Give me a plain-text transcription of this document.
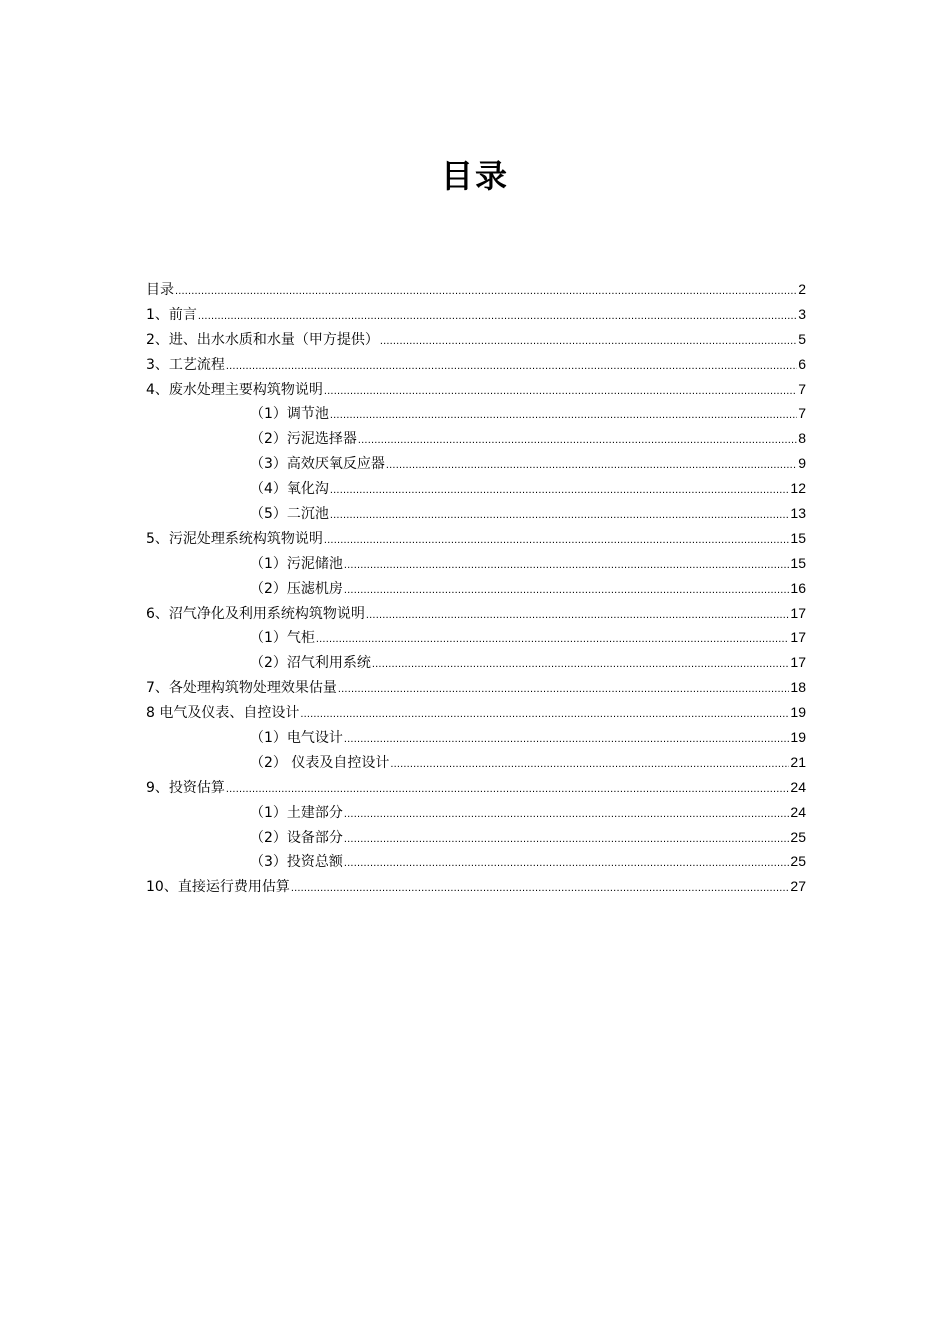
目录
目录 .....	2
1、前言 .....	3
2、进、出水水质和水量（甲方提供） .....	5
3、工艺流程 .....	6
4、废水处理主要构筑物说明 .....	7
（1）调节池 .....	7
（2）污泥选择器 .....	8
（3）高效厌氧反应器 .....	9
（4）氧化沟 .....	12
（5）二沉池 .....	13
5、污泥处理系统构筑物说明 .....	15
（1）污泥储池 .....	15
（2）压滤机房 .....	16
6、沼气净化及利用系统构筑物说明 .....	17
（1）气柜 .....	17
（2）沼气利用系统 .....	17
7、各处理构筑物处理效果估量 .....	18
8 电气及仪表、自控设计 .....	19
（1）电气设计 .....	19
（2） 仪表及自控设计 .....	21
9、投资估算 .....	24
（1）土建部分 .....	24
（2）设备部分 .....	25
（3）投资总额 .....	25
10、直接运行费用估算 .....	27
